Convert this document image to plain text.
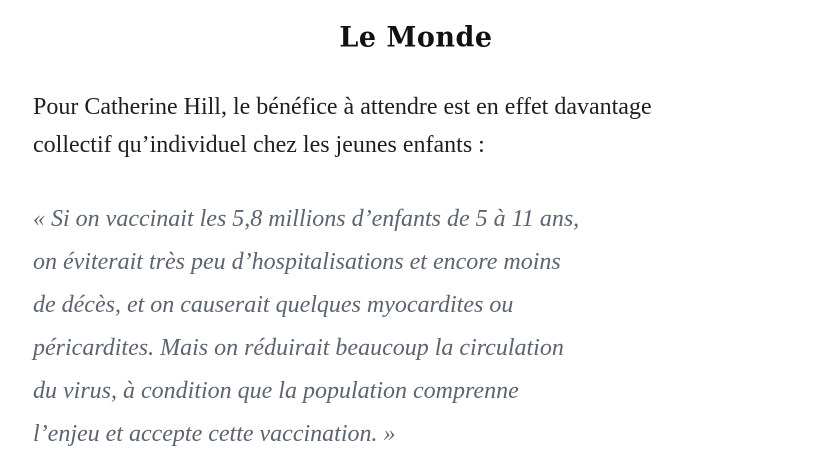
Le Monde

Pour Catherine Hill, le bénéfice à attendre est en effet davantage
collectif qu’individuel chez les jeunes enfants :

« Si on vaccinait les 5,8 millions d’enfants de 5 à 11 ans,
on éviterait très peu d’hospitalisations et encore moins
de décès, et on causerait quelques myocardites ou
péricardites. Mais on réduirait beaucoup la circulation
du virus, à condition que la population comprenne
l’enjeu et accepte cette vaccination. »
